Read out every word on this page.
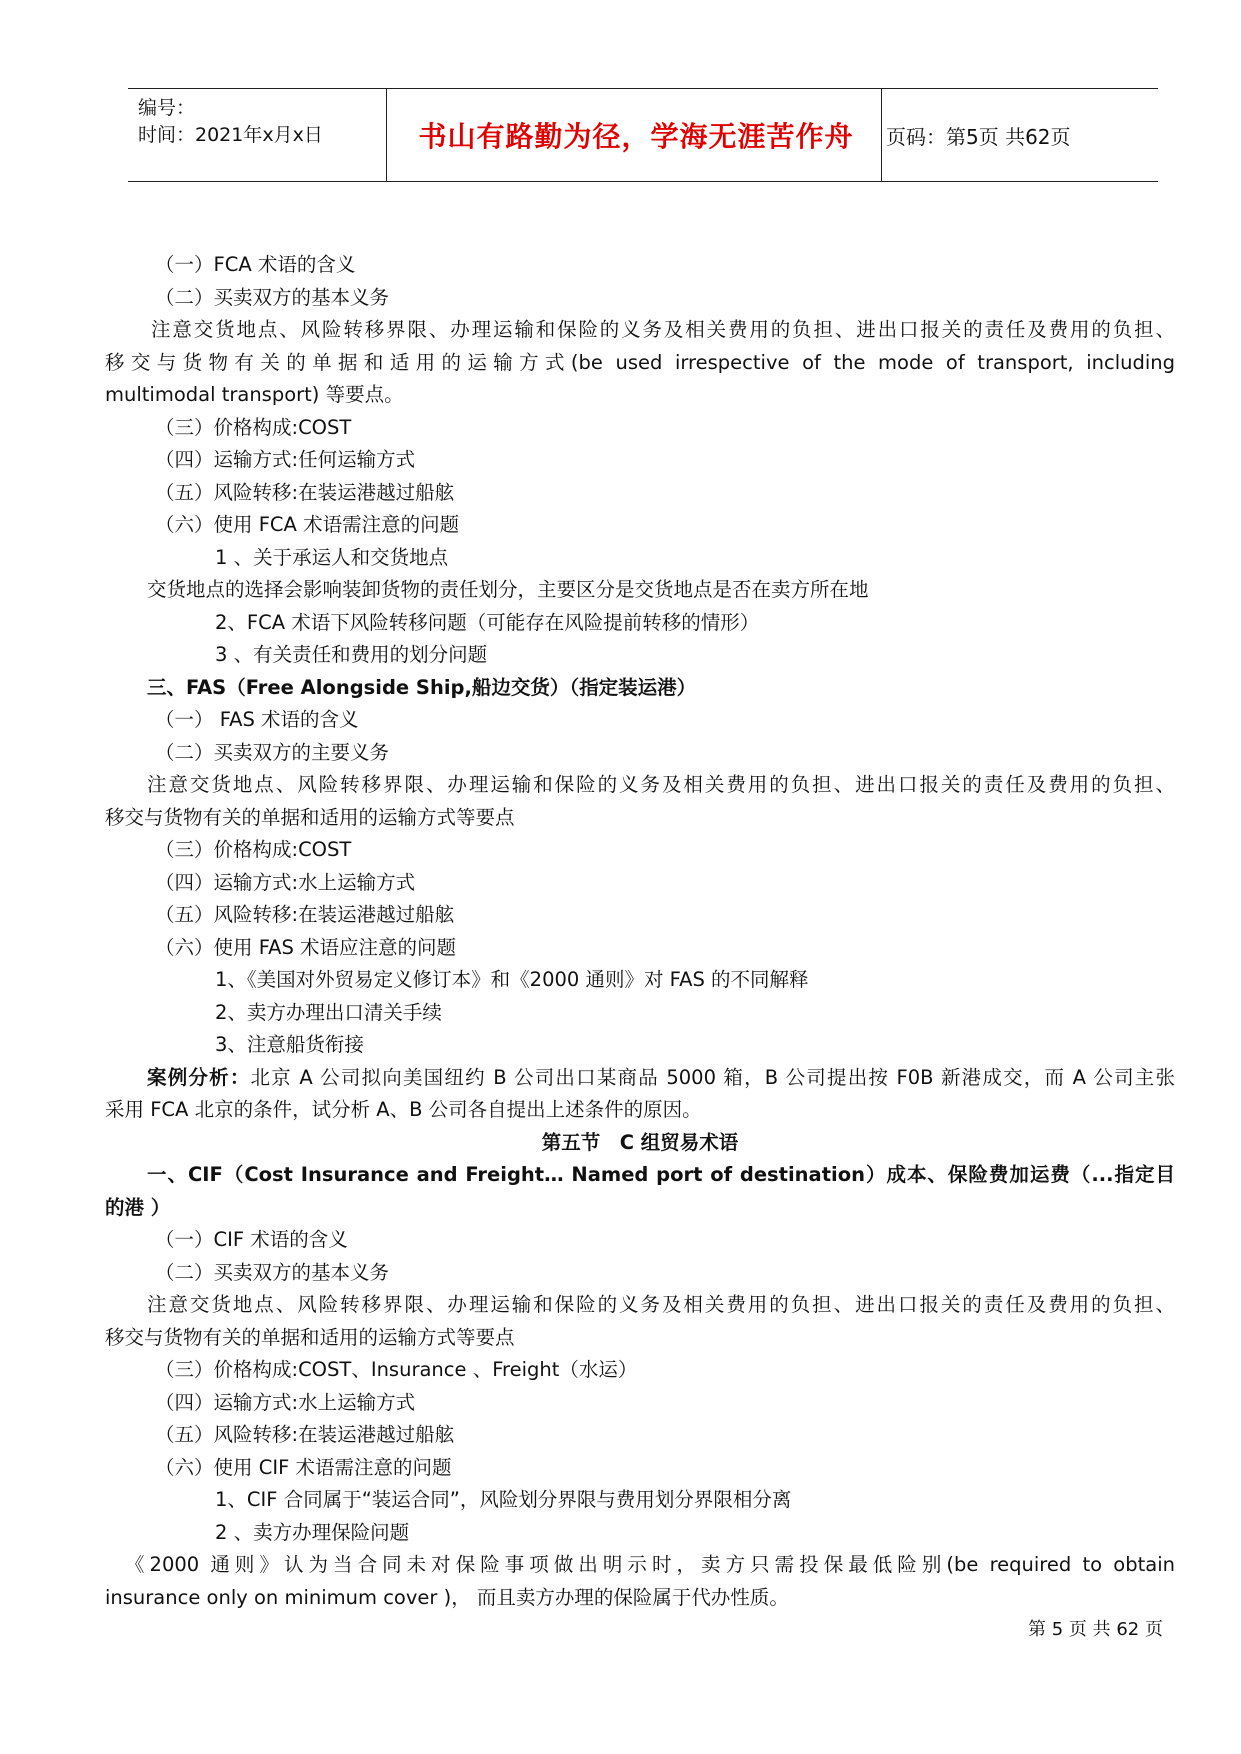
编号：
时间：2021年x月x日	书山有路勤为径，学海无涯苦作舟	页码：第5页 共62页
（一）FCA 术语的含义
（二）买卖双方的基本义务
注意交货地点、风险转移界限、办理运输和保险的义务及相关费用的负担、进出口报关的责任及费用的负担、
移交与货物有关的单据和适用的运输方式(be used irrespective of the mode of transport, including
multimodal transport) 等要点。
（三）价格构成:COST
（四）运输方式:任何运输方式
（五）风险转移:在装运港越过船舷
（六）使用 FCA 术语需注意的问题
1 、关于承运人和交货地点
交货地点的选择会影响装卸货物的责任划分，主要区分是交货地点是否在卖方所在地
2、FCA 术语下风险转移问题（可能存在风险提前转移的情形）
3 、有关责任和费用的划分问题
三、FAS（Free Alongside Ship,船边交货）（指定装运港）
（一） FAS 术语的含义
（二）买卖双方的主要义务
注意交货地点、风险转移界限、办理运输和保险的义务及相关费用的负担、进出口报关的责任及费用的负担、
移交与货物有关的单据和适用的运输方式等要点
（三）价格构成:COST
（四）运输方式:水上运输方式
（五）风险转移:在装运港越过船舷
（六）使用 FAS 术语应注意的问题
1、《美国对外贸易定义修订本》和《2000 通则》对 FAS 的不同解释
2、卖方办理出口清关手续
3、注意船货衔接
案例分析：北京 A 公司拟向美国纽约 B 公司出口某商品 5000 箱，B 公司提出按 F0B 新港成交，而 A 公司主张
采用 FCA 北京的条件，试分析 A、B 公司各自提出上述条件的原因。
第五节　C 组贸易术语
一、CIF（Cost Insurance and Freight… Named port of destination）成本、保险费加运费（...指定目
的港 ）
（一）CIF 术语的含义
（二）买卖双方的基本义务
注意交货地点、风险转移界限、办理运输和保险的义务及相关费用的负担、进出口报关的责任及费用的负担、
移交与货物有关的单据和适用的运输方式等要点
（三）价格构成:COST、Insurance 、Freight（水运）
（四）运输方式:水上运输方式
（五）风险转移:在装运港越过船舷
（六）使用 CIF 术语需注意的问题
1、CIF 合同属于“装运合同”，风险划分界限与费用划分界限相分离
2 、卖方办理保险问题
《2000 通则》认为当合同未对保险事项做出明示时，卖方只需投保最低险别(be required to obtain
insurance only on minimum cover )， 而且卖方办理的保险属于代办性质。
第 5 页 共 62 页
